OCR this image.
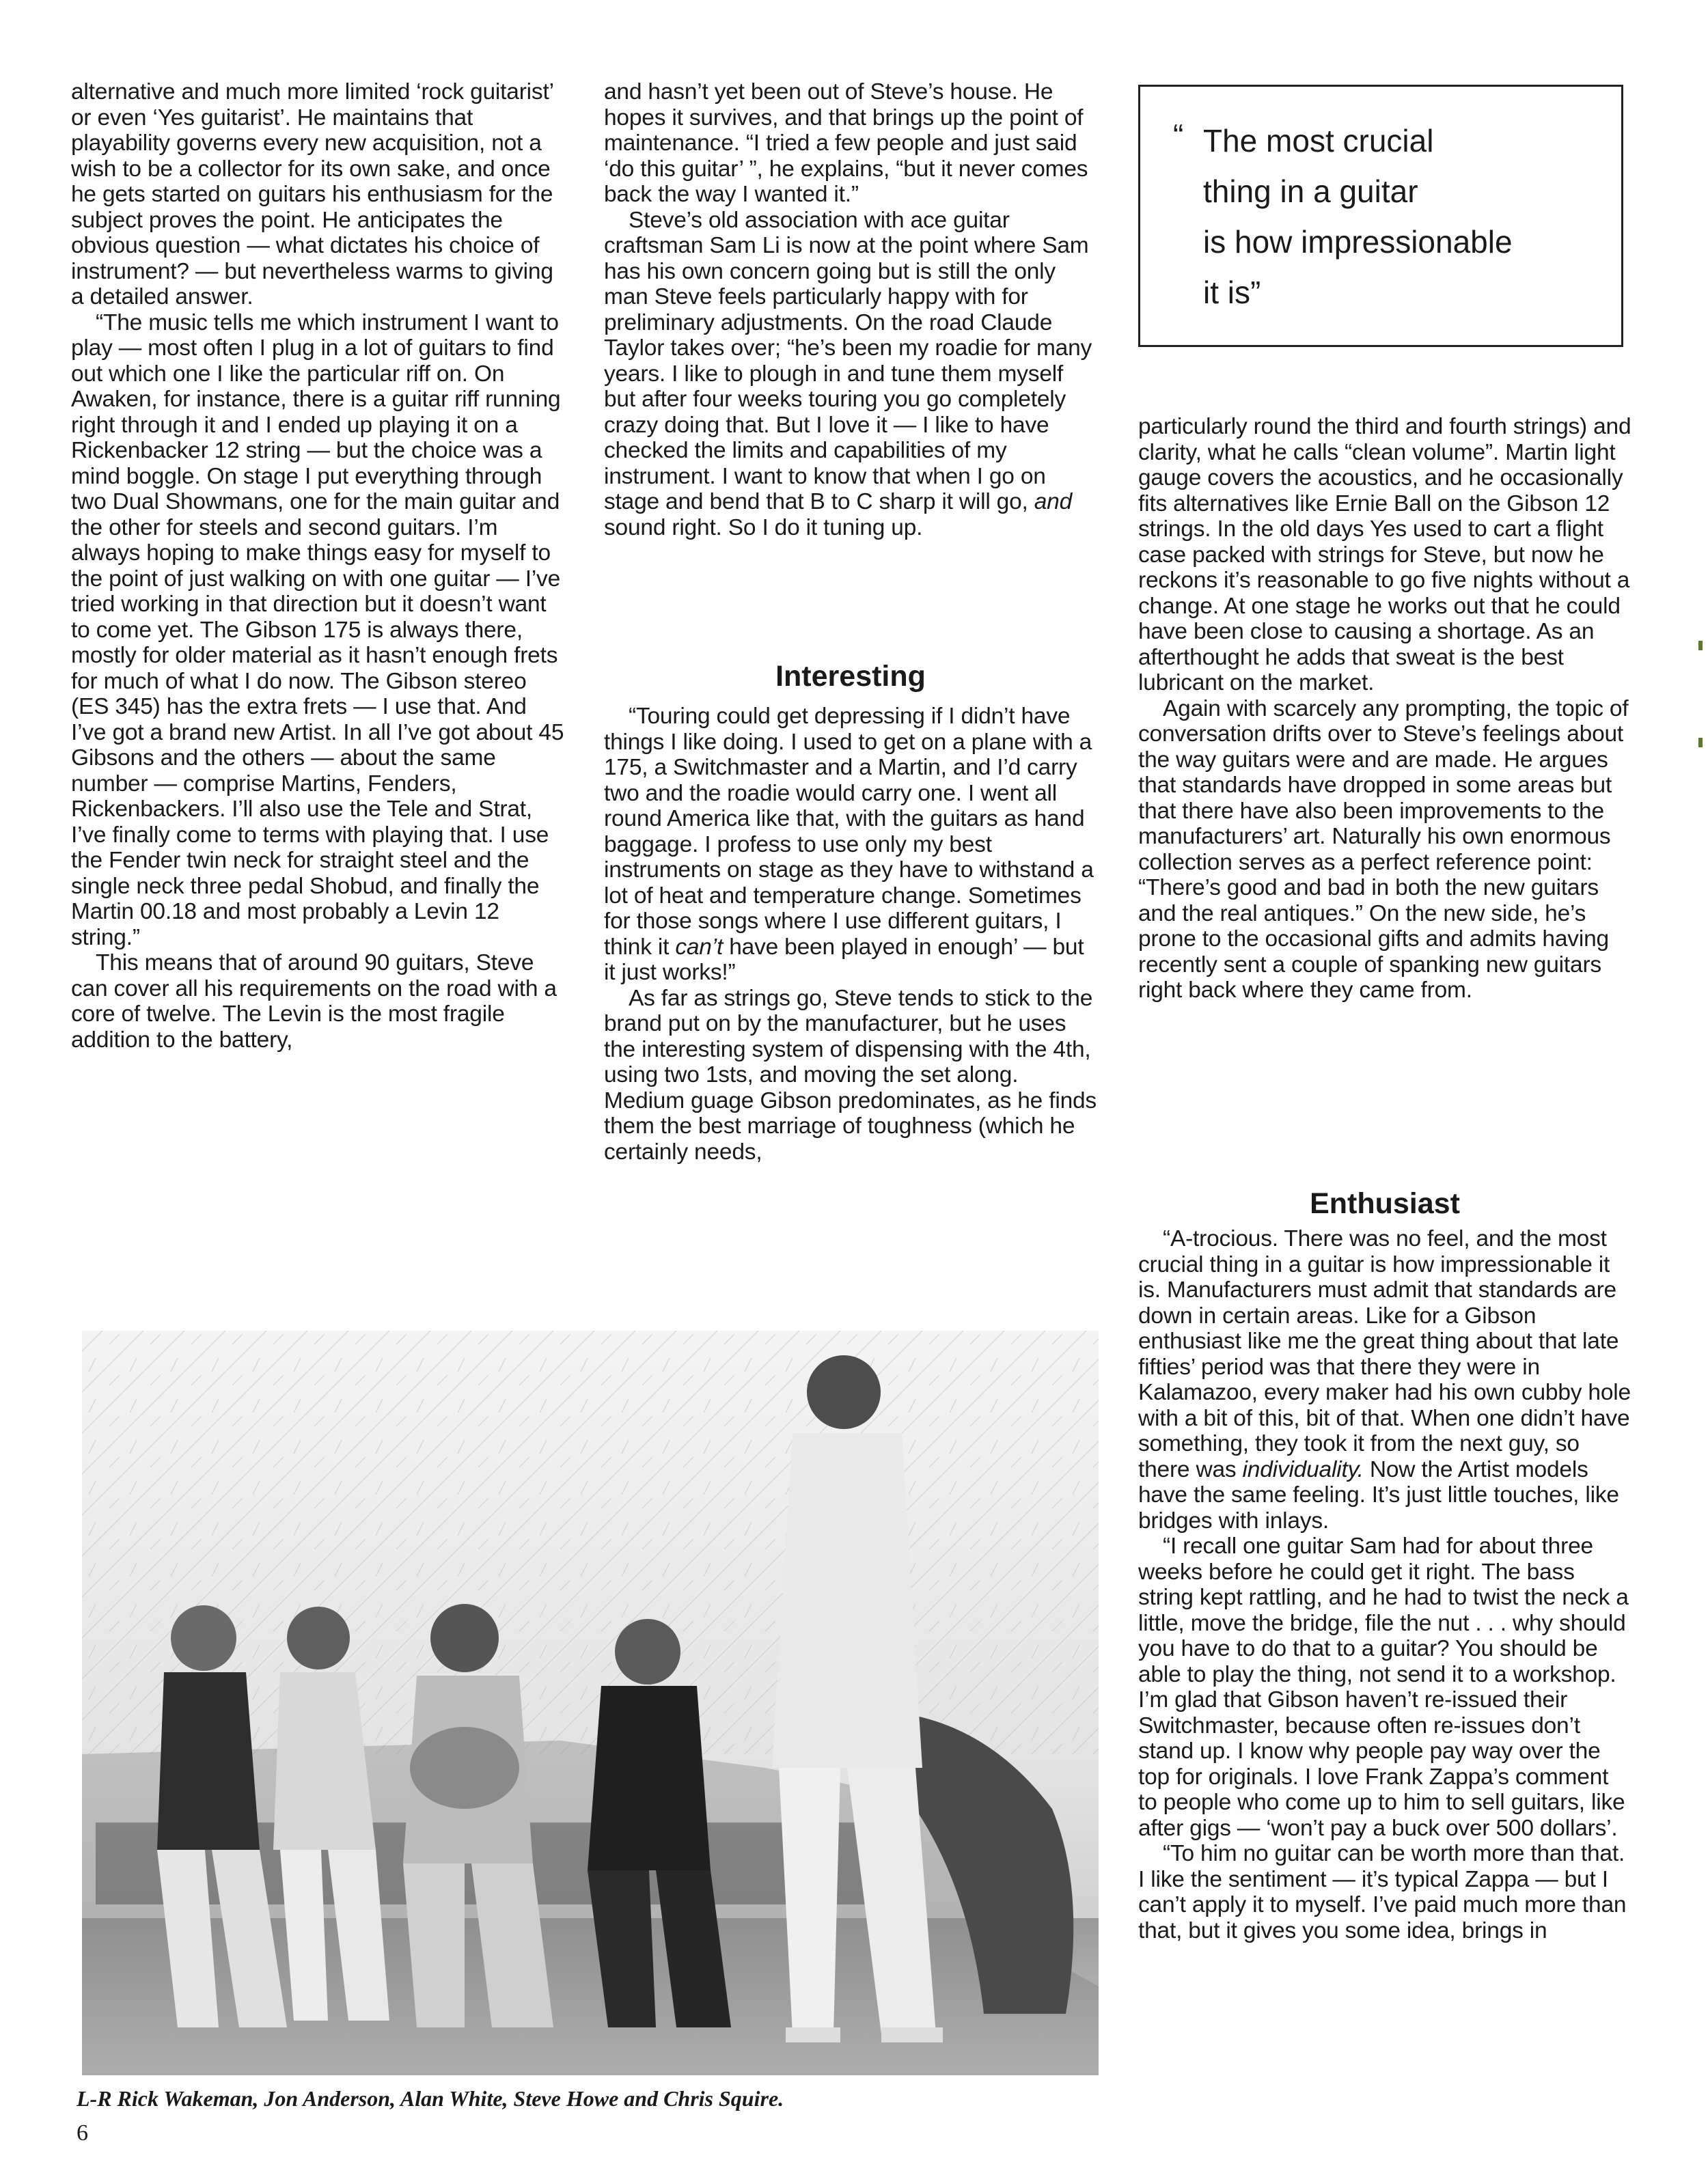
alternative and much more limited ‘rock guitarist’ or even ‘Yes guitarist’. He maintains that playability governs every new acquisition, not a wish to be a collector for its own sake, and once he gets started on guitars his enthusiasm for the subject proves the point. He anticipates the obvious question — what dictates his choice of instrument? — but nevertheless warms to giving a detailed answer.

“The music tells me which instrument I want to play — most often I plug in a lot of guitars to find out which one I like the particular riff on. On Awaken, for instance, there is a guitar riff running right through it and I ended up playing it on a Rickenbacker 12 string — but the choice was a mind boggle. On stage I put everything through two Dual Showmans, one for the main guitar and the other for steels and second guitars. I’m always hoping to make things easy for myself to the point of just walking on with one guitar — I’ve tried working in that direction but it doesn’t want to come yet. The Gibson 175 is always there, mostly for older material as it hasn’t enough frets for much of what I do now. The Gibson stereo (ES 345) has the extra frets — I use that. And I’ve got a brand new Artist. In all I’ve got about 45 Gibsons and the others — about the same number — comprise Martins, Fenders, Rickenbackers. I’ll also use the Tele and Strat, I’ve finally come to terms with playing that. I use the Fender twin neck for straight steel and the single neck three pedal Shobud, and finally the Martin 00.18 and most probably a Levin 12 string.”

This means that of around 90 guitars, Steve can cover all his requirements on the road with a core of twelve. The Levin is the most fragile addition to the battery,

and hasn’t yet been out of Steve’s house. He hopes it survives, and that brings up the point of maintenance. “I tried a few people and just said ‘do this guitar’ ”, he explains, “but it never comes back the way I wanted it.”

Steve’s old association with ace guitar craftsman Sam Li is now at the point where Sam has his own concern going but is still the only man Steve feels particularly happy with for preliminary adjustments. On the road Claude Taylor takes over; “he’s been my roadie for many years. I like to plough in and tune them myself but after four weeks touring you go completely crazy doing that. But I love it — I like to have checked the limits and capabilities of my instrument. I want to know that when I go on stage and bend that B to C sharp it will go, and sound right. So I do it tuning up.

Interesting

“Touring could get depressing if I didn’t have things I like doing. I used to get on a plane with a 175, a Switchmaster and a Martin, and I’d carry two and the roadie would carry one. I went all round America like that, with the guitars as hand baggage. I profess to use only my best instruments on stage as they have to withstand a lot of heat and temperature change. Sometimes for those songs where I use different guitars, I think it can’t have been played in enough’ — but it just works!”

As far as strings go, Steve tends to stick to the brand put on by the manufacturer, but he uses the interesting system of dispensing with the 4th, using two 1sts, and moving the set along. Medium guage Gibson predominates, as he finds them the best marriage of toughness (which he certainly needs,

“ The most crucial
thing in a guitar
is how impressionable
it is”

particularly round the third and fourth strings) and clarity, what he calls “clean volume”. Martin light gauge covers the acoustics, and he occasionally fits alternatives like Ernie Ball on the Gibson 12 strings. In the old days Yes used to cart a flight case packed with strings for Steve, but now he reckons it’s reasonable to go five nights without a change. At one stage he works out that he could have been close to causing a shortage. As an afterthought he adds that sweat is the best lubricant on the market.

Again with scarcely any prompting, the topic of conversation drifts over to Steve’s feelings about the way guitars were and are made. He argues that standards have dropped in some areas but that there have also been improvements to the manufacturers’ art. Naturally his own enormous collection serves as a perfect reference point: “There’s good and bad in both the new guitars and the real antiques.” On the new side, he’s prone to the occasional gifts and admits having recently sent a couple of spanking new guitars right back where they came from.

Enthusiast

“A-trocious. There was no feel, and the most crucial thing in a guitar is how impressionable it is. Manufacturers must admit that standards are down in certain areas. Like for a Gibson enthusiast like me the great thing about that late fifties’ period was that there they were in Kalamazoo, every maker had his own cubby hole with a bit of this, bit of that. When one didn’t have something, they took it from the next guy, so there was individuality. Now the Artist models have the same feeling. It’s just little touches, like bridges with inlays.

“I recall one guitar Sam had for about three weeks before he could get it right. The bass string kept rattling, and he had to twist the neck a little, move the bridge, file the nut . . . why should you have to do that to a guitar? You should be able to play the thing, not send it to a workshop. I’m glad that Gibson haven’t re-issued their Switchmaster, because often re-issues don’t stand up. I know why people pay way over the top for originals. I love Frank Zappa’s comment to people who come up to him to sell guitars, like after gigs — ‘won’t pay a buck over 500 dollars’.

“To him no guitar can be worth more than that. I like the sentiment — it’s typical Zappa — but I can’t apply it to myself. I’ve paid much more than that, but it gives you some idea, brings in

L-R Rick Wakeman, Jon Anderson, Alan White, Steve Howe and Chris Squire.
6
